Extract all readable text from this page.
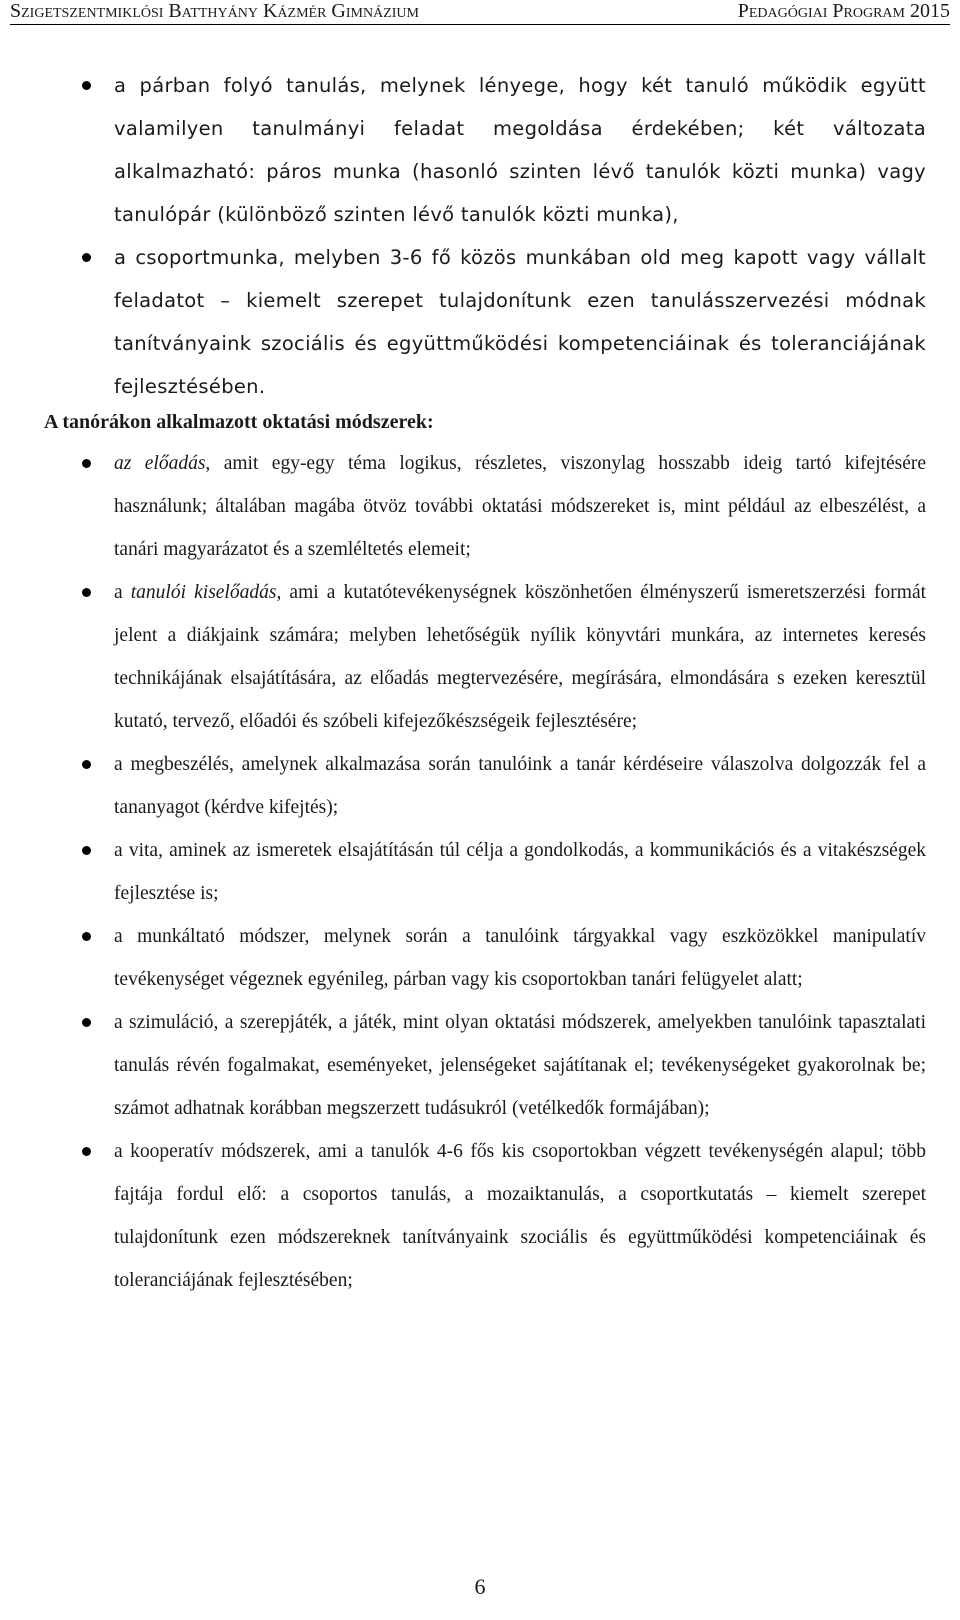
Szigetszentmiklósi Batthyány Kázmér Gimnázium	Pedagógiai Program 2015
a párban folyó tanulás, melynek lényege, hogy két tanuló működik együtt valamilyen tanulmányi feladat megoldása érdekében; két változata alkalmazható: páros munka (hasonló szinten lévő tanulók közti munka) vagy tanulópár (különböző szinten lévő tanulók közti munka),
a csoportmunka, melyben 3-6 fő közös munkában old meg kapott vagy vállalt feladatot – kiemelt szerepet tulajdonítunk ezen tanulásszervezési módnak tanítványaink szociális és együttműködési kompetenciáinak és toleranciájának fejlesztésében.
A tanórákon alkalmazott oktatási módszerek:
az előadás, amit egy-egy téma logikus, részletes, viszonylag hosszabb ideig tartó kifejtésére használunk; általában magába ötvöz további oktatási módszereket is, mint például az elbeszélést, a tanári magyarázatot és a szemléltetés elemeit;
a tanulói kiselőadás, ami a kutatótevékenységnek köszönhetően élményszerű ismeretszerzési formát jelent a diákjaink számára; melyben lehetőségük nyílik könyvtári munkára, az internetes keresés technikájának elsajátítására, az előadás megtervezésére, megírására, elmondására s ezeken keresztül kutató, tervező, előadói és szóbeli kifejezőkészségeik fejlesztésére;
a megbeszélés, amelynek alkalmazása során tanulóink a tanár kérdéseire válaszolva dolgozzák fel a tananyagot (kérdve kifejtés);
a vita, aminek az ismeretek elsajátításán túl célja a gondolkodás, a kommunikációs és a vitakészségek fejlesztése is;
a munkáltató módszer, melynek során a tanulóink tárgyakkal vagy eszközökkel manipulatív tevékenységet végeznek egyénileg, párban vagy kis csoportokban tanári felügyelet alatt;
a szimuláció, a szerepjáték, a játék, mint olyan oktatási módszerek, amelyekben tanulóink tapasztalati tanulás révén fogalmakat, eseményeket, jelenségeket sajátítanak el; tevékenységeket gyakorolnak be; számot adhatnak korábban megszerzett tudásukról (vetélkedők formájában);
a kooperatív módszerek, ami a tanulók 4-6 fős kis csoportokban végzett tevékenységén alapul; több fajtája fordul elő: a csoportos tanulás, a mozaiktanulás, a csoportkutatás – kiemelt szerepet tulajdonítunk ezen módszereknek tanítványaink szociális és együttműködési kompetenciáinak és toleranciájának fejlesztésében;
6
